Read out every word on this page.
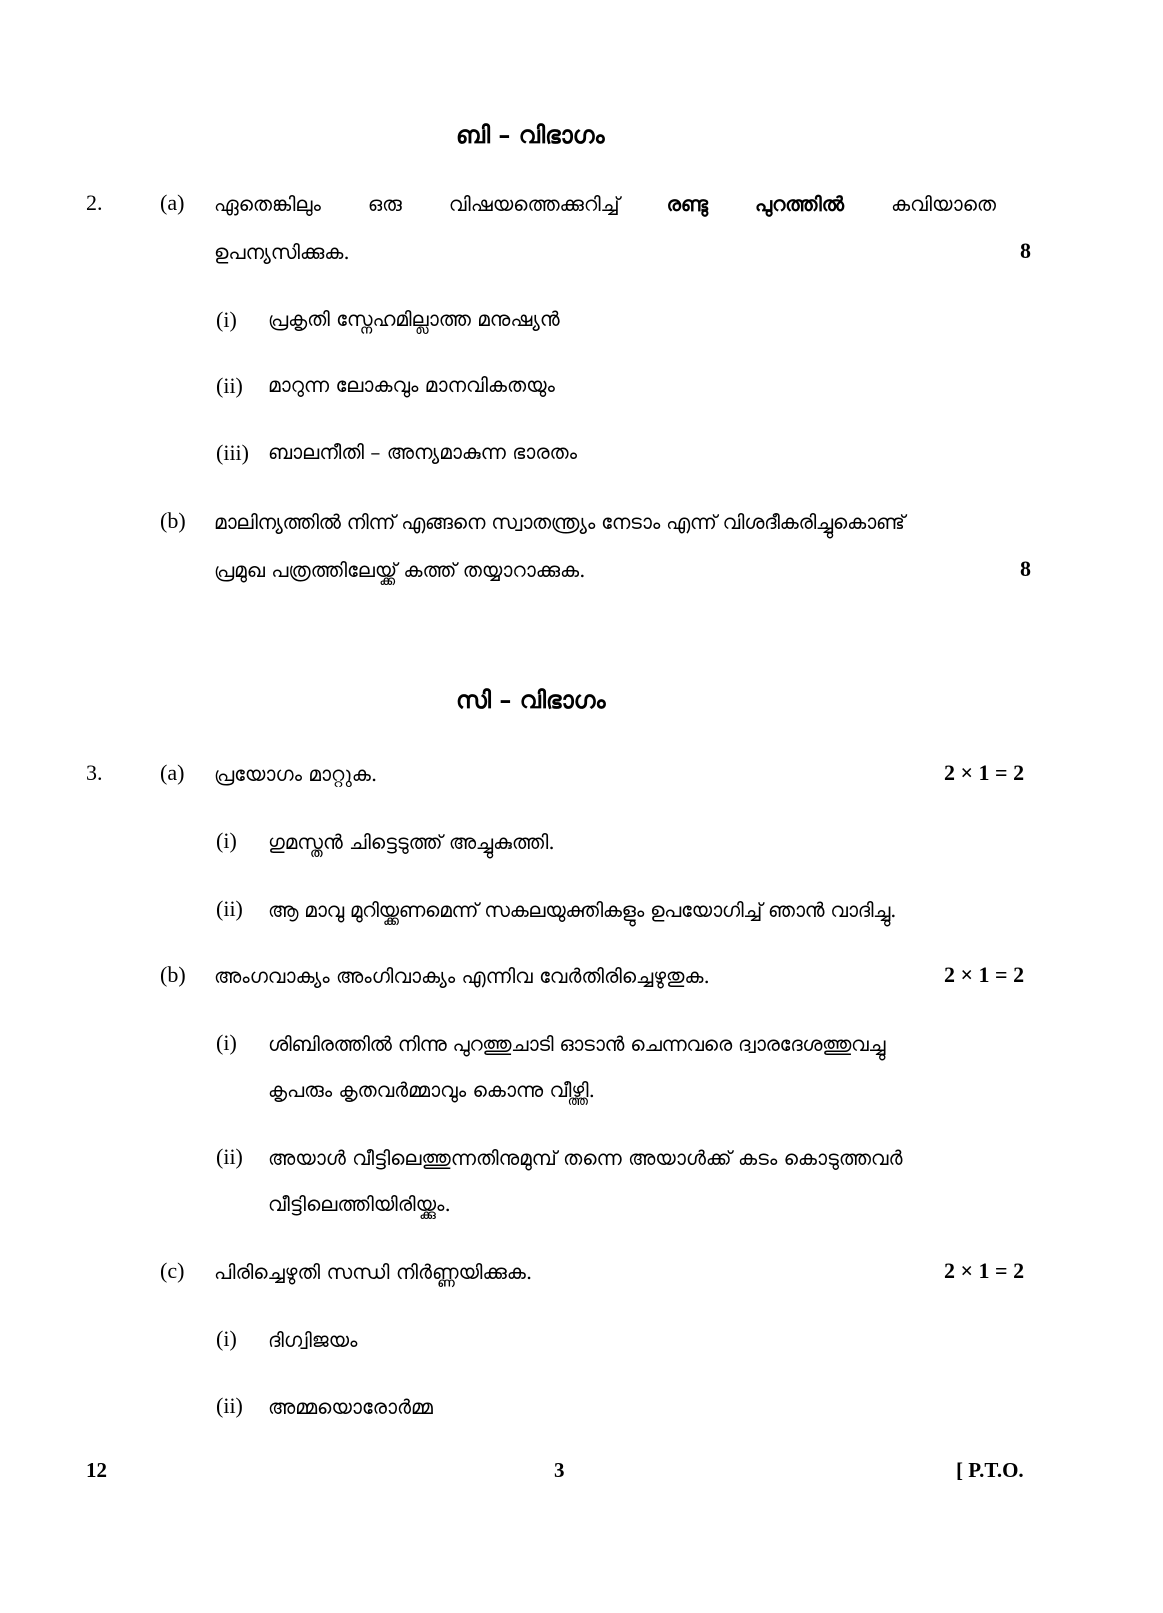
ബി – വിഭാഗം
2.	(a) ഏതെങ്കിലും ഒരു വിഷയത്തെക്കുറിച്ച് രണ്ടു പുറത്തിൽ കവിയാതെ
ഉപന്യസിക്കുക.	8
(i) പ്രകൃതി സ്നേഹമില്ലാത്ത മനുഷ്യൻ
(ii) മാറുന്ന ലോകവും മാനവികതയും
(iii) ബാലനീതി – അന്യമാകുന്ന ഭാരതം
(b) മാലിന്യത്തിൽ നിന്ന് എങ്ങനെ സ്വാതന്ത്ര്യം നേടാം എന്ന് വിശദീകരിച്ചുകൊണ്ട്
പ്രമുഖ പത്രത്തിലേയ്ക്ക് കത്ത് തയ്യാറാക്കുക.	8
സി – വിഭാഗം
3.	(a) പ്രയോഗം മാറ്റുക.	2 × 1 = 2
(i) ഗുമസ്തൻ ചിട്ടെടുത്ത് അച്ചുകുത്തി.
(ii) ആ മാവു മുറിയ്ക്കണമെന്ന് സകലയുക്തികളും ഉപയോഗിച്ച് ഞാൻ വാദിച്ചു.
(b) അംഗവാക്യം അംഗിവാക്യം എന്നിവ വേർതിരിച്ചെഴുതുക.	2 × 1 = 2
(i) ശിബിരത്തിൽ നിന്നു പുറത്തുചാടി ഓടാൻ ചെന്നവരെ ദ്വാരദേശത്തുവച്ചു
കൃപരും കൃതവർമ്മാവും കൊന്നു വീഴ്ത്തി.
(ii) അയാൾ വീട്ടിലെത്തുന്നതിനുമുമ്പ് തന്നെ അയാൾക്ക് കടം കൊടുത്തവർ
വീട്ടിലെത്തിയിരിയ്ക്കും.
(c) പിരിച്ചെഴുതി സന്ധി നിർണ്ണയിക്കുക.	2 × 1 = 2
(i) ദിഗ്വിജയം
(ii) അമ്മയൊരോർമ്മ
12	3	[ P.T.O.
